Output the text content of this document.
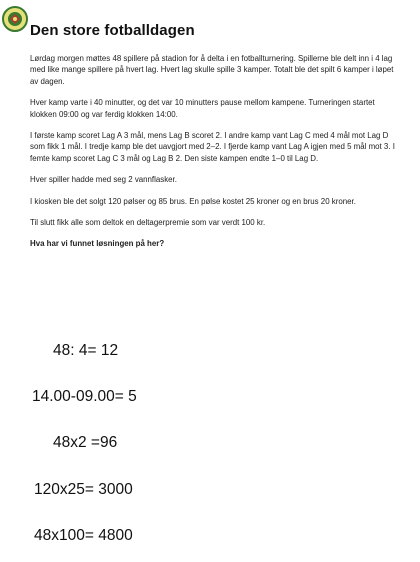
Den store fotballdagen

Lørdag morgen møttes 48 spillere på stadion for å delta i en fotballturnering. Spillerne ble delt inn i 4 lag med like mange spillere på hvert lag. Hvert lag skulle spille 3 kamper. Totalt ble det spilt 6 kamper i løpet av dagen.

Hver kamp varte i 40 minutter, og det var 10 minutters pause mellom kampene. Turneringen startet klokken 09:00 og var ferdig klokken 14:00.

I første kamp scoret Lag A 3 mål, mens Lag B scoret 2. I andre kamp vant Lag C med 4 mål mot Lag D som fikk 1 mål. I tredje kamp ble det uavgjort med 2–2. I fjerde kamp vant Lag A igjen med 5 mål mot 3. I femte kamp scoret Lag C 3 mål og Lag B 2. Den siste kampen endte 1–0 til Lag D.

Hver spiller hadde med seg 2 vannflasker.

I kiosken ble det solgt 120 pølser og 85 brus. En pølse kostet 25 kroner og en brus 20 kroner.

Til slutt fikk alle som deltok en deltagerpremie som var verdt 100 kr.

Hva har vi funnet løsningen på her?

48: 4= 12
14.00-09.00= 5
48x2 =96
120x25= 3000
48x100= 4800
